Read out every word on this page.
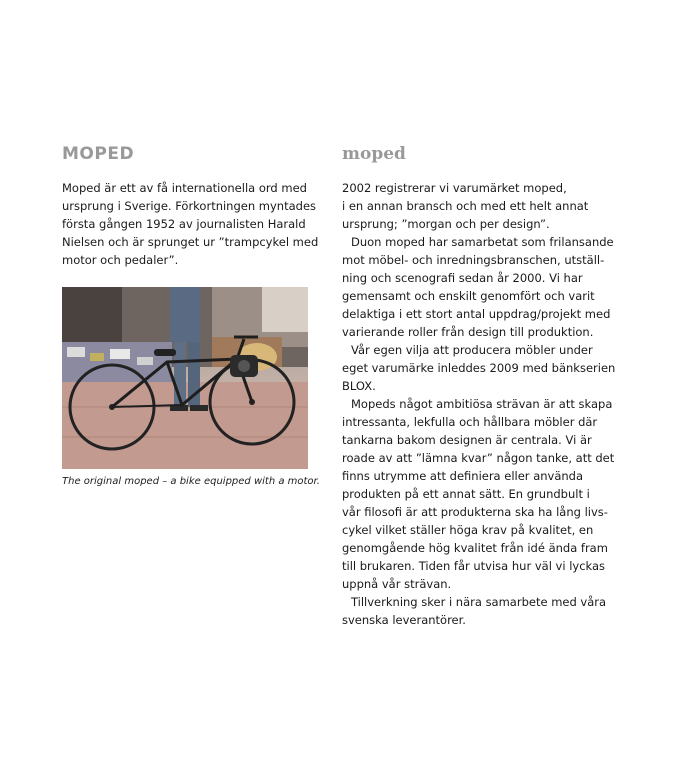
MOPED

Moped är ett av få internationella ord med
ursprung i Sverige. Förkortningen myntades
första gången 1952 av journalisten Harald
Nielsen och är sprunget ur ”trampcykel med
motor och pedaler”.

The original moped – a bike equipped with a motor.
moped

2002 registrerar vi varumärket moped,
i en annan bransch och med ett helt annat
ursprung; ”morgan och per design”.

Duon moped har samarbetat som frilansande
mot möbel- och inredningsbranschen, utställ-
ning och scenografi sedan år 2000. Vi har
gemensamt och enskilt genomfört och varit
delaktiga i ett stort antal uppdrag/projekt med
varierande roller från design till produktion.

Vår egen vilja att producera möbler under
eget varumärke inleddes 2009 med bänkserien
BLOX.

Mopeds något ambitiösa strävan är att skapa
intressanta, lekfulla och hållbara möbler där
tankarna bakom designen är centrala. Vi är
roade av att ”lämna kvar” någon tanke, att det
finns utrymme att definiera eller använda
produkten på ett annat sätt. En grundbult i
vår filosofi är att produkterna ska ha lång livs-
cykel vilket ställer höga krav på kvalitet, en
genomgående hög kvalitet från idé ända fram
till brukaren. Tiden får utvisa hur väl vi lyckas
uppnå vår strävan.

Tillverkning sker i nära samarbete med våra
svenska leverantörer.
